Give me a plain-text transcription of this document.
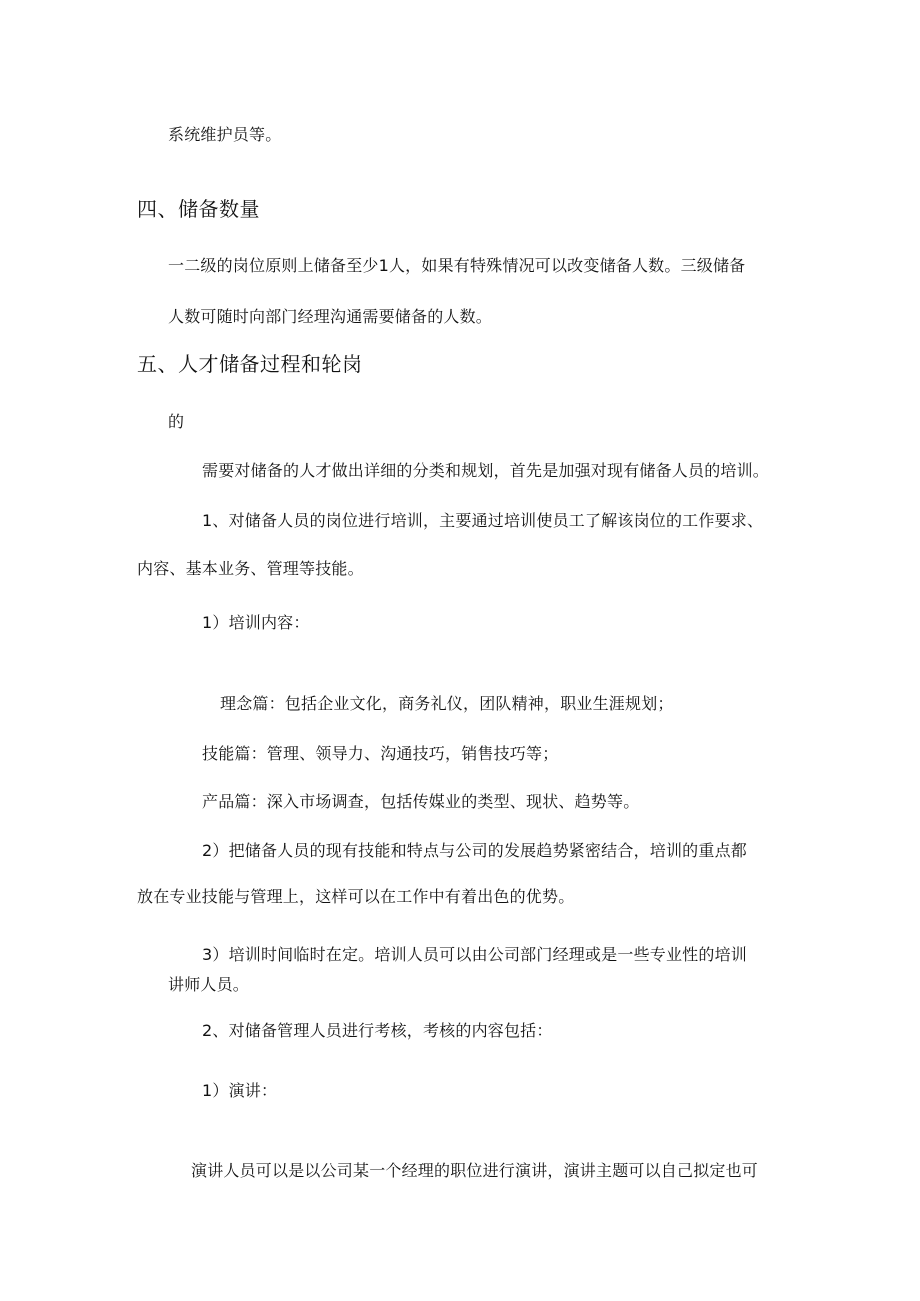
系统维护员等。
四、储备数量
一二级的岗位原则上储备至少1人，如果有特殊情况可以改变储备人数。三级储备
人数可随时向部门经理沟通需要储备的人数。
五、人才储备过程和轮岗
的
需要对储备的人才做出详细的分类和规划，首先是加强对现有储备人员的培训。
1、对储备人员的岗位进行培训，主要通过培训使员工了解该岗位的工作要求、
内容、基本业务、管理等技能。
1）培训内容：
理念篇：包括企业文化，商务礼仪，团队精神，职业生涯规划；
技能篇：管理、领导力、沟通技巧，销售技巧等；
产品篇：深入市场调查，包括传媒业的类型、现状、趋势等。
2）把储备人员的现有技能和特点与公司的发展趋势紧密结合，培训的重点都
放在专业技能与管理上，这样可以在工作中有着出色的优势。
3）培训时间临时在定。培训人员可以由公司部门经理或是一些专业性的培训
讲师人员。
2、对储备管理人员进行考核，考核的内容包括：
1）演讲：
演讲人员可以是以公司某一个经理的职位进行演讲，演讲主题可以自己拟定也可
